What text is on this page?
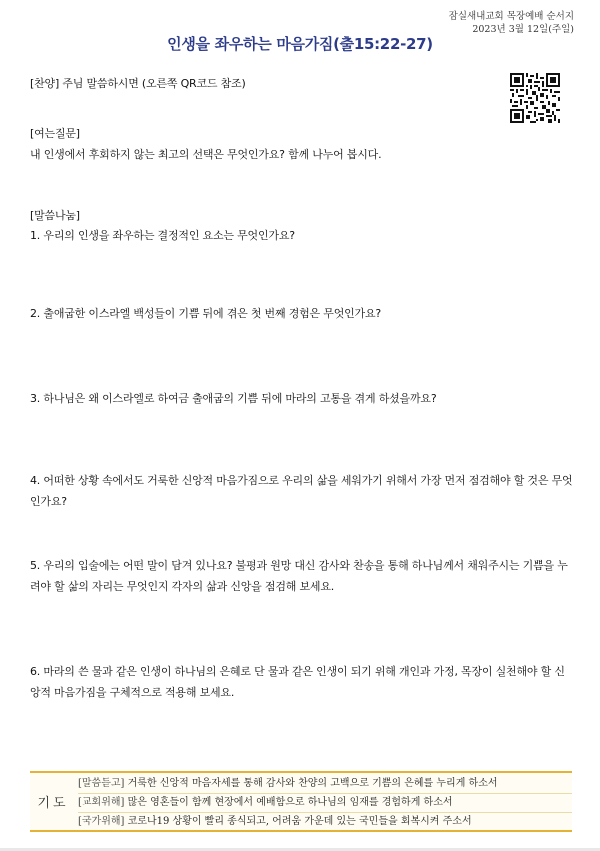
잠실새내교회 목장예배 순서지
2023년 3월 12일(주일)
인생을 좌우하는 마음가짐(출15:22-27)
[찬양] 주님 말씀하시면 (오른쪽 QR코드 참조)
[여는질문]
내 인생에서 후회하지 않는 최고의 선택은 무엇인가요? 함께 나누어 봅시다.
[말씀나눔]
1. 우리의 인생을 좌우하는 결정적인 요소는 무엇인가요?
2. 출애굽한 이스라엘 백성들이 기쁨 뒤에 겪은 첫 번째 경험은 무엇인가요?
3. 하나님은 왜 이스라엘로 하여금 출애굽의 기쁨 뒤에 마라의 고통을 겪게 하셨을까요?
4. 어떠한 상황 속에서도 거룩한 신앙적 마음가짐으로 우리의 삶을 세워가기 위해서 가장 먼저 점검해야 할 것은 무엇인가요?
5. 우리의 입술에는 어떤 말이 담겨 있나요? 불평과 원망 대신 감사와 찬송을 통해 하나님께서 채워주시는 기쁨을 누려야 할 삶의 자리는 무엇인지 각자의 삶과 신앙을 점검해 보세요.
6. 마라의 쓴 물과 같은 인생이 하나님의 은혜로 단 물과 같은 인생이 되기 위해 개인과 가정, 목장이 실천해야 할 신앙적 마음가짐을 구체적으로 적용해 보세요.
기도
[말씀듣고] 거룩한 신앙적 마음자세를 통해 감사와 찬양의 고백으로 기쁨의 은혜를 누리게 하소서
[교회위해] 많은 영혼들이 함께 현장에서 예배함으로 하나님의 임재를 경험하게 하소서
[국가위해] 코로나19 상황이 빨리 종식되고, 어려움 가운데 있는 국민들을 회복시켜 주소서
